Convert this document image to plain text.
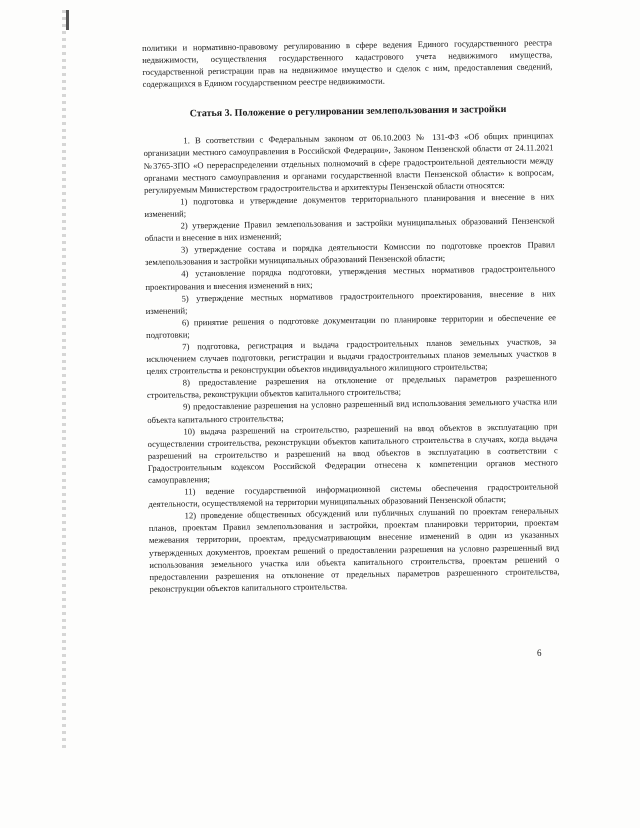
политики и нормативно-правовому регулированию в сфере ведения Единого государственного реестра недвижимости, осуществления государственного кадастрового учета недвижимого имущества, государственной регистрации прав на недвижимое имущество и сделок с ним, предоставления сведений, содержащихся в Едином государственном реестре недвижимости.

Статья 3. Положение о регулировании землепользования и застройки

1. В соответствии с Федеральным законом от 06.10.2003 № 131-ФЗ «Об общих принципах организации местного самоуправления в Российской Федерации», Законом Пензенской области от 24.11.2021 №3765-ЗПО «О перераспределении отдельных полномочий в сфере градостроительной деятельности между органами местного самоуправления и органами государственной власти Пензенской области» к вопросам, регулируемым Министерством градостроительства и архитектуры Пензенской области относятся:

1) подготовка и утверждение документов территориального планирования и внесение в них изменений;

2) утверждение Правил землепользования и застройки муниципальных образований Пензенской области и внесение в них изменений;

3) утверждение состава и порядка деятельности Комиссии по подготовке проектов Правил землепользования и застройки муниципальных образований Пензенской области;

4) установление порядка подготовки, утверждения местных нормативов градостроительного проектирования и внесения изменений в них;

5) утверждение местных нормативов градостроительного проектирования, внесение в них изменений;

6) принятие решения о подготовке документации по планировке территории и обеспечение ее подготовки;

7) подготовка, регистрация и выдача градостроительных планов земельных участков, за исключением случаев подготовки, регистрации и выдачи градостроительных планов земельных участков в целях строительства и реконструкции объектов индивидуального жилищного строительства;

8) предоставление разрешения на отклонение от предельных параметров разрешенного строительства, реконструкции объектов капитального строительства;

9) предоставление разрешения на условно разрешенный вид использования земельного участка или объекта капитального строительства;

10) выдача разрешений на строительство, разрешений на ввод объектов в эксплуатацию при осуществлении строительства, реконструкции объектов капитального строительства в случаях, когда выдача разрешений на строительство и разрешений на ввод объектов в эксплуатацию в соответствии с Градостроительным кодексом Российской Федерации отнесена к компетенции органов местного самоуправления;

11) ведение государственной информационной системы обеспечения градостроительной деятельности, осуществляемой на территории муниципальных образований Пензенской области;

12) проведение общественных обсуждений или публичных слушаний по проектам генеральных планов, проектам Правил землепользования и застройки, проектам планировки территории, проектам межевания территории, проектам, предусматривающим внесение изменений в один из указанных утвержденных документов, проектам решений о предоставлении разрешения на условно разрешенный вид использования земельного участка или объекта капитального строительства, проектам решений о предоставлении разрешения на отклонение от предельных параметров разрешенного строительства, реконструкции объектов капитального строительства.

6
